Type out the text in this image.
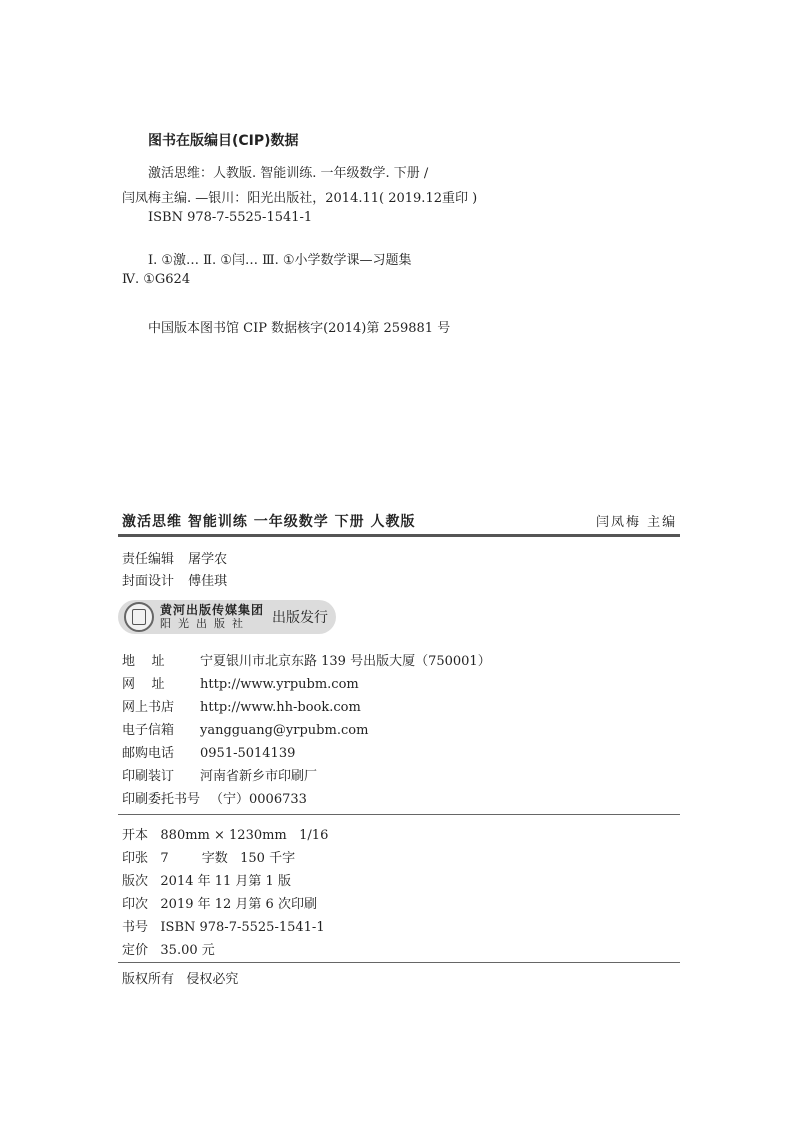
图书在版编目(CIP)数据
激活思维：人教版. 智能训练. 一年级数学. 下册 /
闫凤梅主编. —银川：阳光出版社，2014.11( 2019.12重印 )
ISBN 978-7-5525-1541-1
Ⅰ. ①激… Ⅱ. ①闫… Ⅲ. ①小学数学课—习题集
Ⅳ. ①G624
中国版本图书馆 CIP 数据核字(2014)第 259881 号
激活思维 智能训练 一年级数学 下册 人教版	闫凤梅 主编
责任编辑 屠学农
封面设计 傅佳琪
黄河出版传媒集团
阳光出版社	出版发行
地    址	宁夏银川市北京东路 139 号出版大厦（750001）
网    址	http://www.yrpubm.com
网上书店 http://www.hh-book.com
电子信箱 yangguang@yrpubm.com
邮购电话 0951-5014139
印刷装订 河南省新乡市印刷厂
印刷委托书号 （宁）0006733
开本   880mm × 1230mm   1/16
印张   7        字数   150 千字
版次   2014 年 11 月第 1 版
印次   2019 年 12 月第 6 次印刷
书号   ISBN 978-7-5525-1541-1
定价   35.00 元
版权所有   侵权必究
